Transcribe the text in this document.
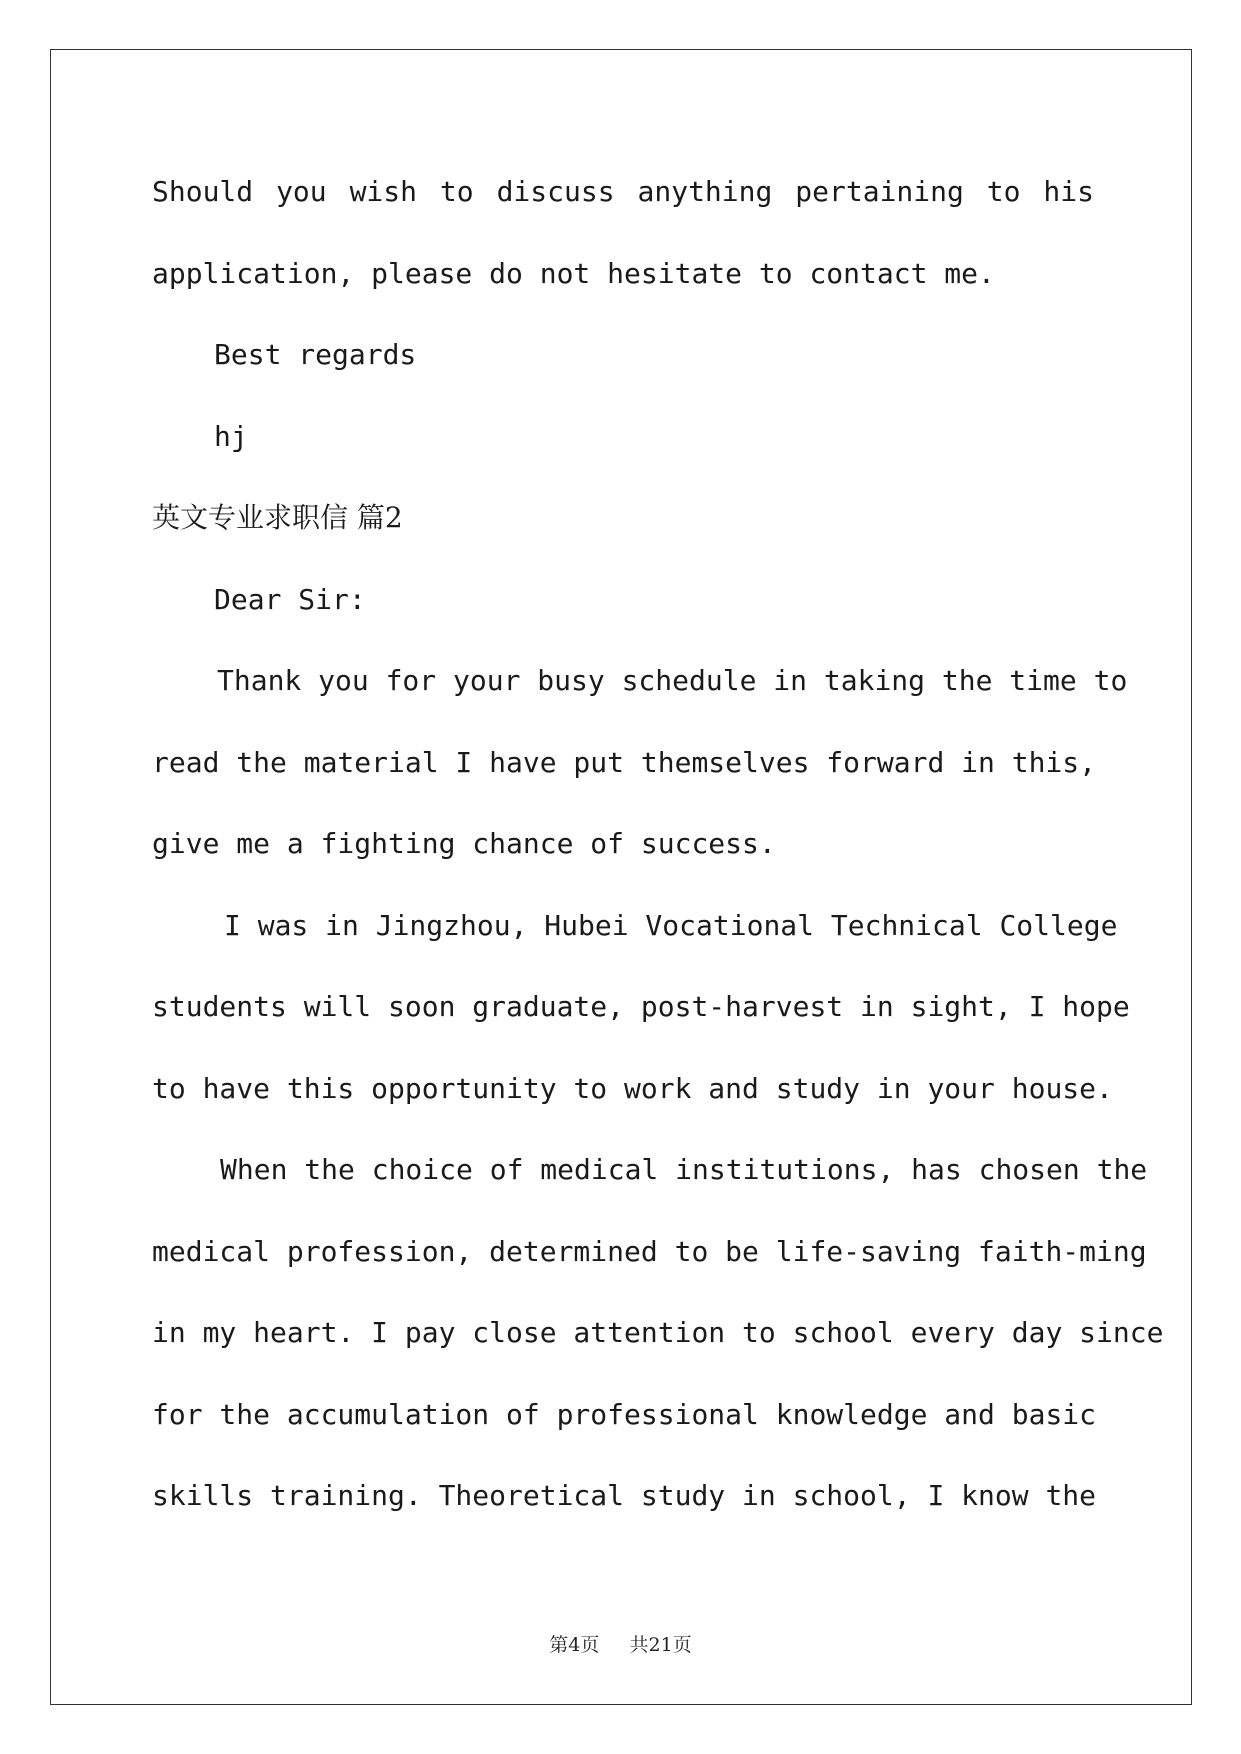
Should you wish to discuss anything pertaining to his
application, please do not hesitate to contact me.
Best regards
hj
英文专业求职信 篇2
Dear Sir:
Thank you for your busy schedule in taking the time to
read the material I have put themselves forward in this,
give me a fighting chance of success.
I was in Jingzhou, Hubei Vocational Technical College
students will soon graduate, post-harvest in sight, I hope
to have this opportunity to work and study in your house.
When the choice of medical institutions, has chosen the
medical profession, determined to be life-saving faith-ming
in my heart. I pay close attention to school every day since
for the accumulation of professional knowledge and basic
skills training. Theoretical study in school, I know the
第4页 共21页
